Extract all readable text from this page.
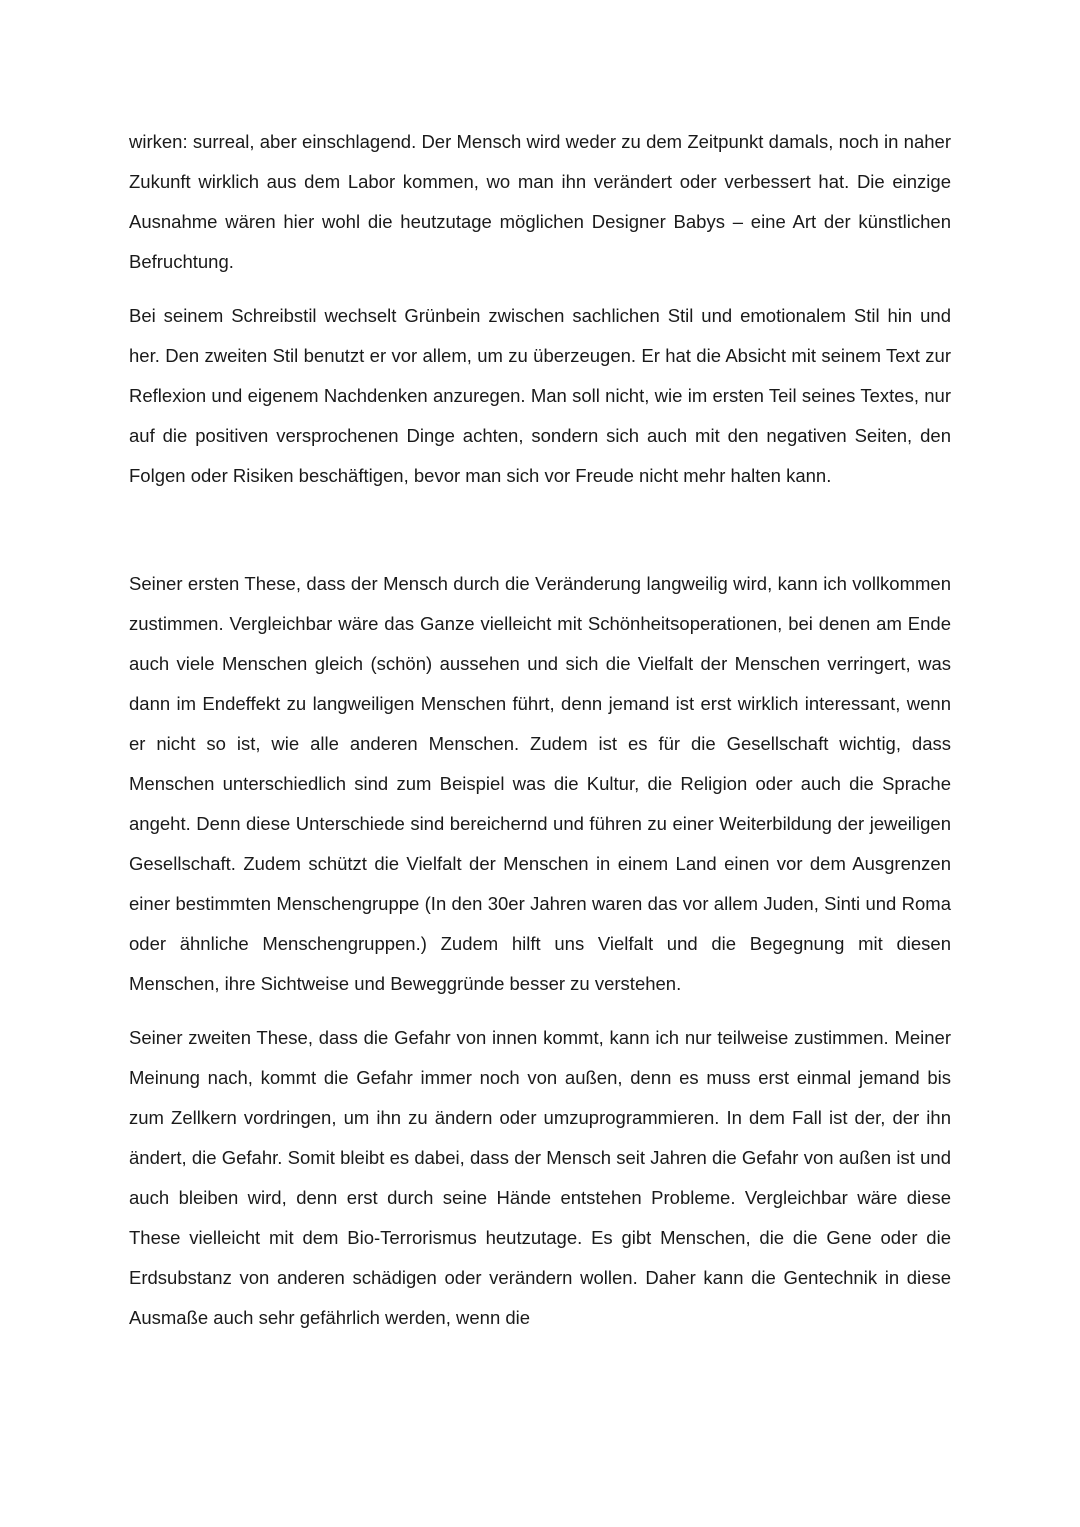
wirken: surreal, aber einschlagend. Der Mensch wird weder zu dem Zeitpunkt damals, noch in naher Zukunft wirklich aus dem Labor kommen, wo man ihn verändert oder verbessert hat. Die einzige Ausnahme wären hier wohl die heutzutage möglichen Designer Babys – eine Art der künstlichen Befruchtung.

Bei seinem Schreibstil wechselt Grünbein zwischen sachlichen Stil und emotionalem Stil hin und her. Den zweiten Stil benutzt er vor allem, um zu überzeugen. Er hat die Absicht mit seinem Text zur Reflexion und eigenem Nachdenken anzuregen. Man soll nicht, wie im ersten Teil seines Textes, nur auf die positiven versprochenen Dinge achten, sondern sich auch mit den negativen Seiten, den Folgen oder Risiken beschäftigen, bevor man sich vor Freude nicht mehr halten kann.

Seiner ersten These, dass der Mensch durch die Veränderung langweilig wird, kann ich vollkommen zustimmen. Vergleichbar wäre das Ganze vielleicht mit Schönheitsoperationen, bei denen am Ende auch viele Menschen gleich (schön) aussehen und sich die Vielfalt der Menschen verringert, was dann im Endeffekt zu langweiligen Menschen führt, denn jemand ist erst wirklich interessant, wenn er nicht so ist, wie alle anderen Menschen. Zudem ist es für die Gesellschaft wichtig, dass Menschen unterschiedlich sind zum Beispiel was die Kultur, die Religion oder auch die Sprache angeht. Denn diese Unterschiede sind bereichernd und führen zu einer Weiterbildung der jeweiligen Gesellschaft. Zudem schützt die Vielfalt der Menschen in einem Land einen vor dem Ausgrenzen einer bestimmten Menschengruppe (In den 30er Jahren waren das vor allem Juden, Sinti und Roma oder ähnliche Menschengruppen.) Zudem hilft uns Vielfalt und die Begegnung mit diesen Menschen, ihre Sichtweise und Beweggründe besser zu verstehen.

Seiner zweiten These, dass die Gefahr von innen kommt, kann ich nur teilweise zustimmen. Meiner Meinung nach, kommt die Gefahr immer noch von außen, denn es muss erst einmal jemand bis zum Zellkern vordringen, um ihn zu ändern oder umzuprogrammieren. In dem Fall ist der, der ihn ändert, die Gefahr. Somit bleibt es dabei, dass der Mensch seit Jahren die Gefahr von außen ist und auch bleiben wird, denn erst durch seine Hände entstehen Probleme. Vergleichbar wäre diese These vielleicht mit dem Bio-Terrorismus heutzutage. Es gibt Menschen, die die Gene oder die Erdsubstanz von anderen schädigen oder verändern wollen. Daher kann die Gentechnik in diese Ausmaße auch sehr gefährlich werden, wenn die
